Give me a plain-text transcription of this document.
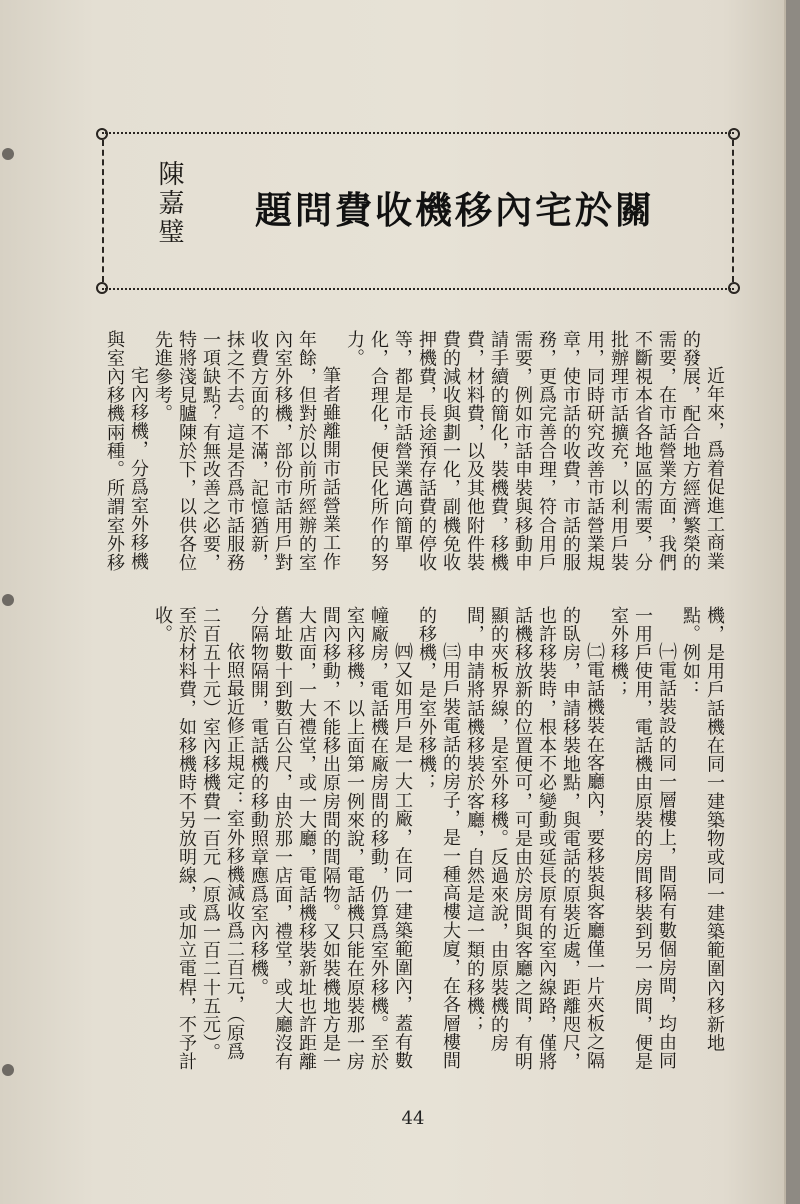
陳嘉璧	關於宅內移機收費問題

近年來，爲着促進工商業的發展，配合地方經濟繁榮的需要，在市話營業方面，我們不斷視本省各地區的需要，分批辦理市話擴充，以利用戶裝用，同時研究改善市話營業規章，使市話的收費，市話的服務，更爲完善合理，符合用戶需要，例如市話申裝與移動申請手續的簡化，裝機費，移機費，材料費，以及其他附件裝費的減收與劃一化，副機免收押機費，長途預存話費的停收等，都是市話營業邁向簡單化，合理化，便民化所作的努力。

筆者雖離開市話營業工作年餘，但對於以前所經辦的室內室外移機，部份市話用戶對收費方面的不滿，記憶猶新，抹之不去。這是否爲市話服務一項缺點？有無改善之必要，特將淺見臚陳於下，以供各位先進參考。

宅內移機，分爲室外移機與室內移機兩種。所謂室外移

機，是用戶話機在同一建築物或同一建築範圍內移新地點。例如：

㈠電話裝設的同一層樓上，間隔有數個房間，均由同一用戶使用，電話機由原裝的房間移裝到另一房間，便是室外移機；

㈡電話機裝在客廳內，要移裝與客廳僅一片夾板之隔的臥房，申請移裝地點，與電話的原裝近處，距離咫尺，也許移裝時，根本不必變動或延長原有的室內線路，僅將話機移放新的位置便可，可是由於房間與客廳之間，有明顯的夾板界線，是室外移機。反過來說，由原裝機的房間，申請將話機移裝於客廳，自然是這一類的移機；

㈢用戶裝電話的房子，是一種高樓大廈，在各層樓間的移機，是室外移機；

㈣又如用戶是一大工廠，在同一建築範圍內，蓋有數幢廠房，電話機在廠房間的移動，仍算爲室外移機。至於室內移機，以上面第一例來說，電話機只能在原裝那一房間內移動，不能移出原房間的間隔物。又如裝機地方是一大店面，一大禮堂，或一大廳，電話機移裝新址也許距離舊址數十到數百公尺，由於那一店面，禮堂，或大廳沒有分隔物隔開，電話機的移動照章應爲室內移機。

依照最近修正規定：室外移機減收爲二百元，（原爲二百五十元）室內移機費一百元（原爲一百二十五元）。至於材料費，如移機時不另放明線，或加立電桿，不予計收。

44
